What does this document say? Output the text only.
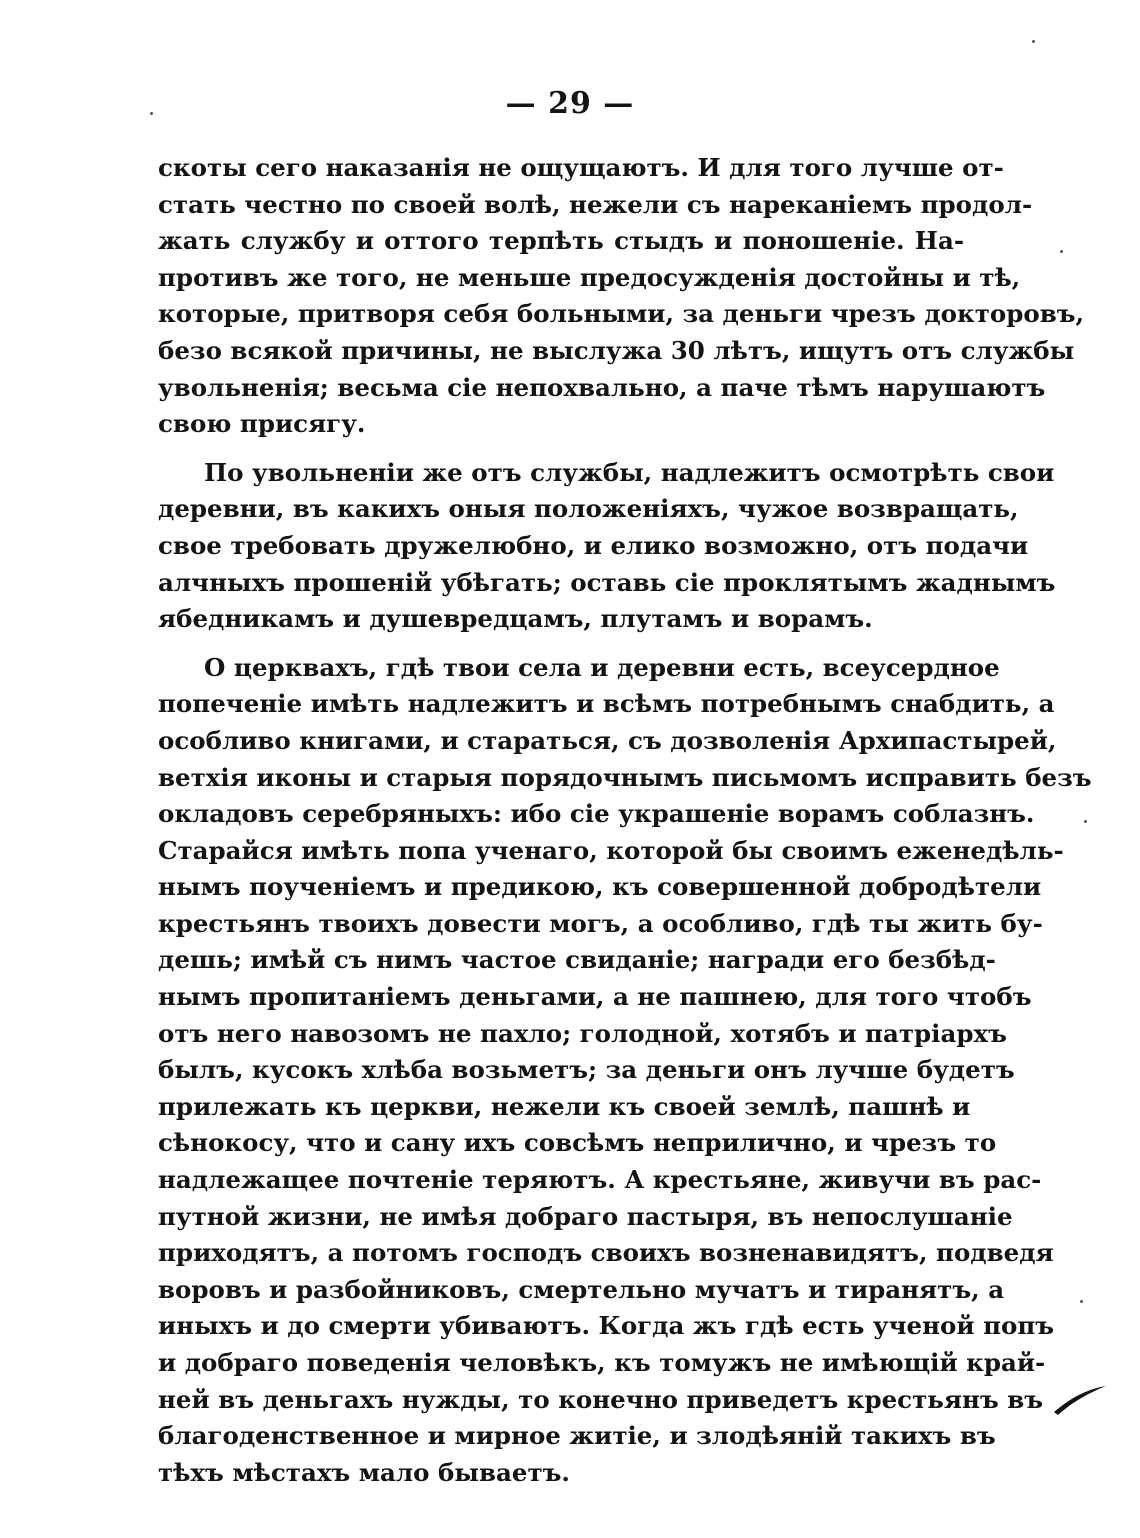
— 29 —
скоты сего наказанія не ощущаютъ. И для того лучше от-
стать честно по своей волѣ, нежели съ нареканіемъ продол-
жать службу и оттого терпѣть стыдъ и поношеніе. На-
противъ же того, не меньше предосужденія достойны и тѣ,
которые, притворя себя больными, за деньги чрезъ докторовъ,
безо всякой причины, не выслужа 30 лѣтъ, ищутъ отъ службы
увольненія; весьма сіе непохвально, а паче тѣмъ нарушаютъ
свою присягу.
По увольненіи же отъ службы, надлежитъ осмотрѣть свои
деревни, въ какихъ оныя положеніяхъ, чужое возвращать,
свое требовать дружелюбно, и елико возможно, отъ подачи
алчныхъ прошеній убѣгать; оставь сіе проклятымъ жаднымъ
ябедникамъ и душевредцамъ, плутамъ и ворамъ.
О церквахъ, гдѣ твои села и деревни есть, всеусердное
попеченіе имѣть надлежитъ и всѣмъ потребнымъ снабдить, а
особливо книгами, и стараться, съ дозволенія Архипастырей,
ветхія иконы и старыя порядочнымъ письмомъ исправить безъ
окладовъ серебряныхъ: ибо сіе украшеніе ворамъ соблазнъ.
Старайся имѣть попа ученаго, которой бы своимъ еженедѣль-
нымъ поученіемъ и предикою, къ совершенной добродѣтели
крестьянъ твоихъ довести могъ, а особливо, гдѣ ты жить бу-
дешь; имѣй съ нимъ частое свиданіе; награди его безбѣд-
нымъ пропитаніемъ деньгами, а не пашнею, для того чтобъ
отъ него навозомъ не пахло; голодной, хотябъ и патріархъ
былъ, кусокъ хлѣба возьметъ; за деньги онъ лучше будетъ
прилежать къ церкви, нежели къ своей землѣ, пашнѣ и
сѣнокосу, что и сану ихъ совсѣмъ неприлично, и чрезъ то
надлежащее почтеніе теряютъ. А крестьяне, живучи въ рас-
путной жизни, не имѣя добраго пастыря, въ непослушаніе
приходятъ, а потомъ господъ своихъ возненавидятъ, подведя
воровъ и разбойниковъ, смертельно мучатъ и тиранятъ, а
иныхъ и до смерти убиваютъ. Когда жъ гдѣ есть ученой попъ
и добраго поведенія человѣкъ, къ томужъ не имѣющій край-
ней въ деньгахъ нужды, то конечно приведетъ крестьянъ въ
благоденственное и мирное житіе, и злодѣяній такихъ въ
тѣхъ мѣстахъ мало бываетъ.
